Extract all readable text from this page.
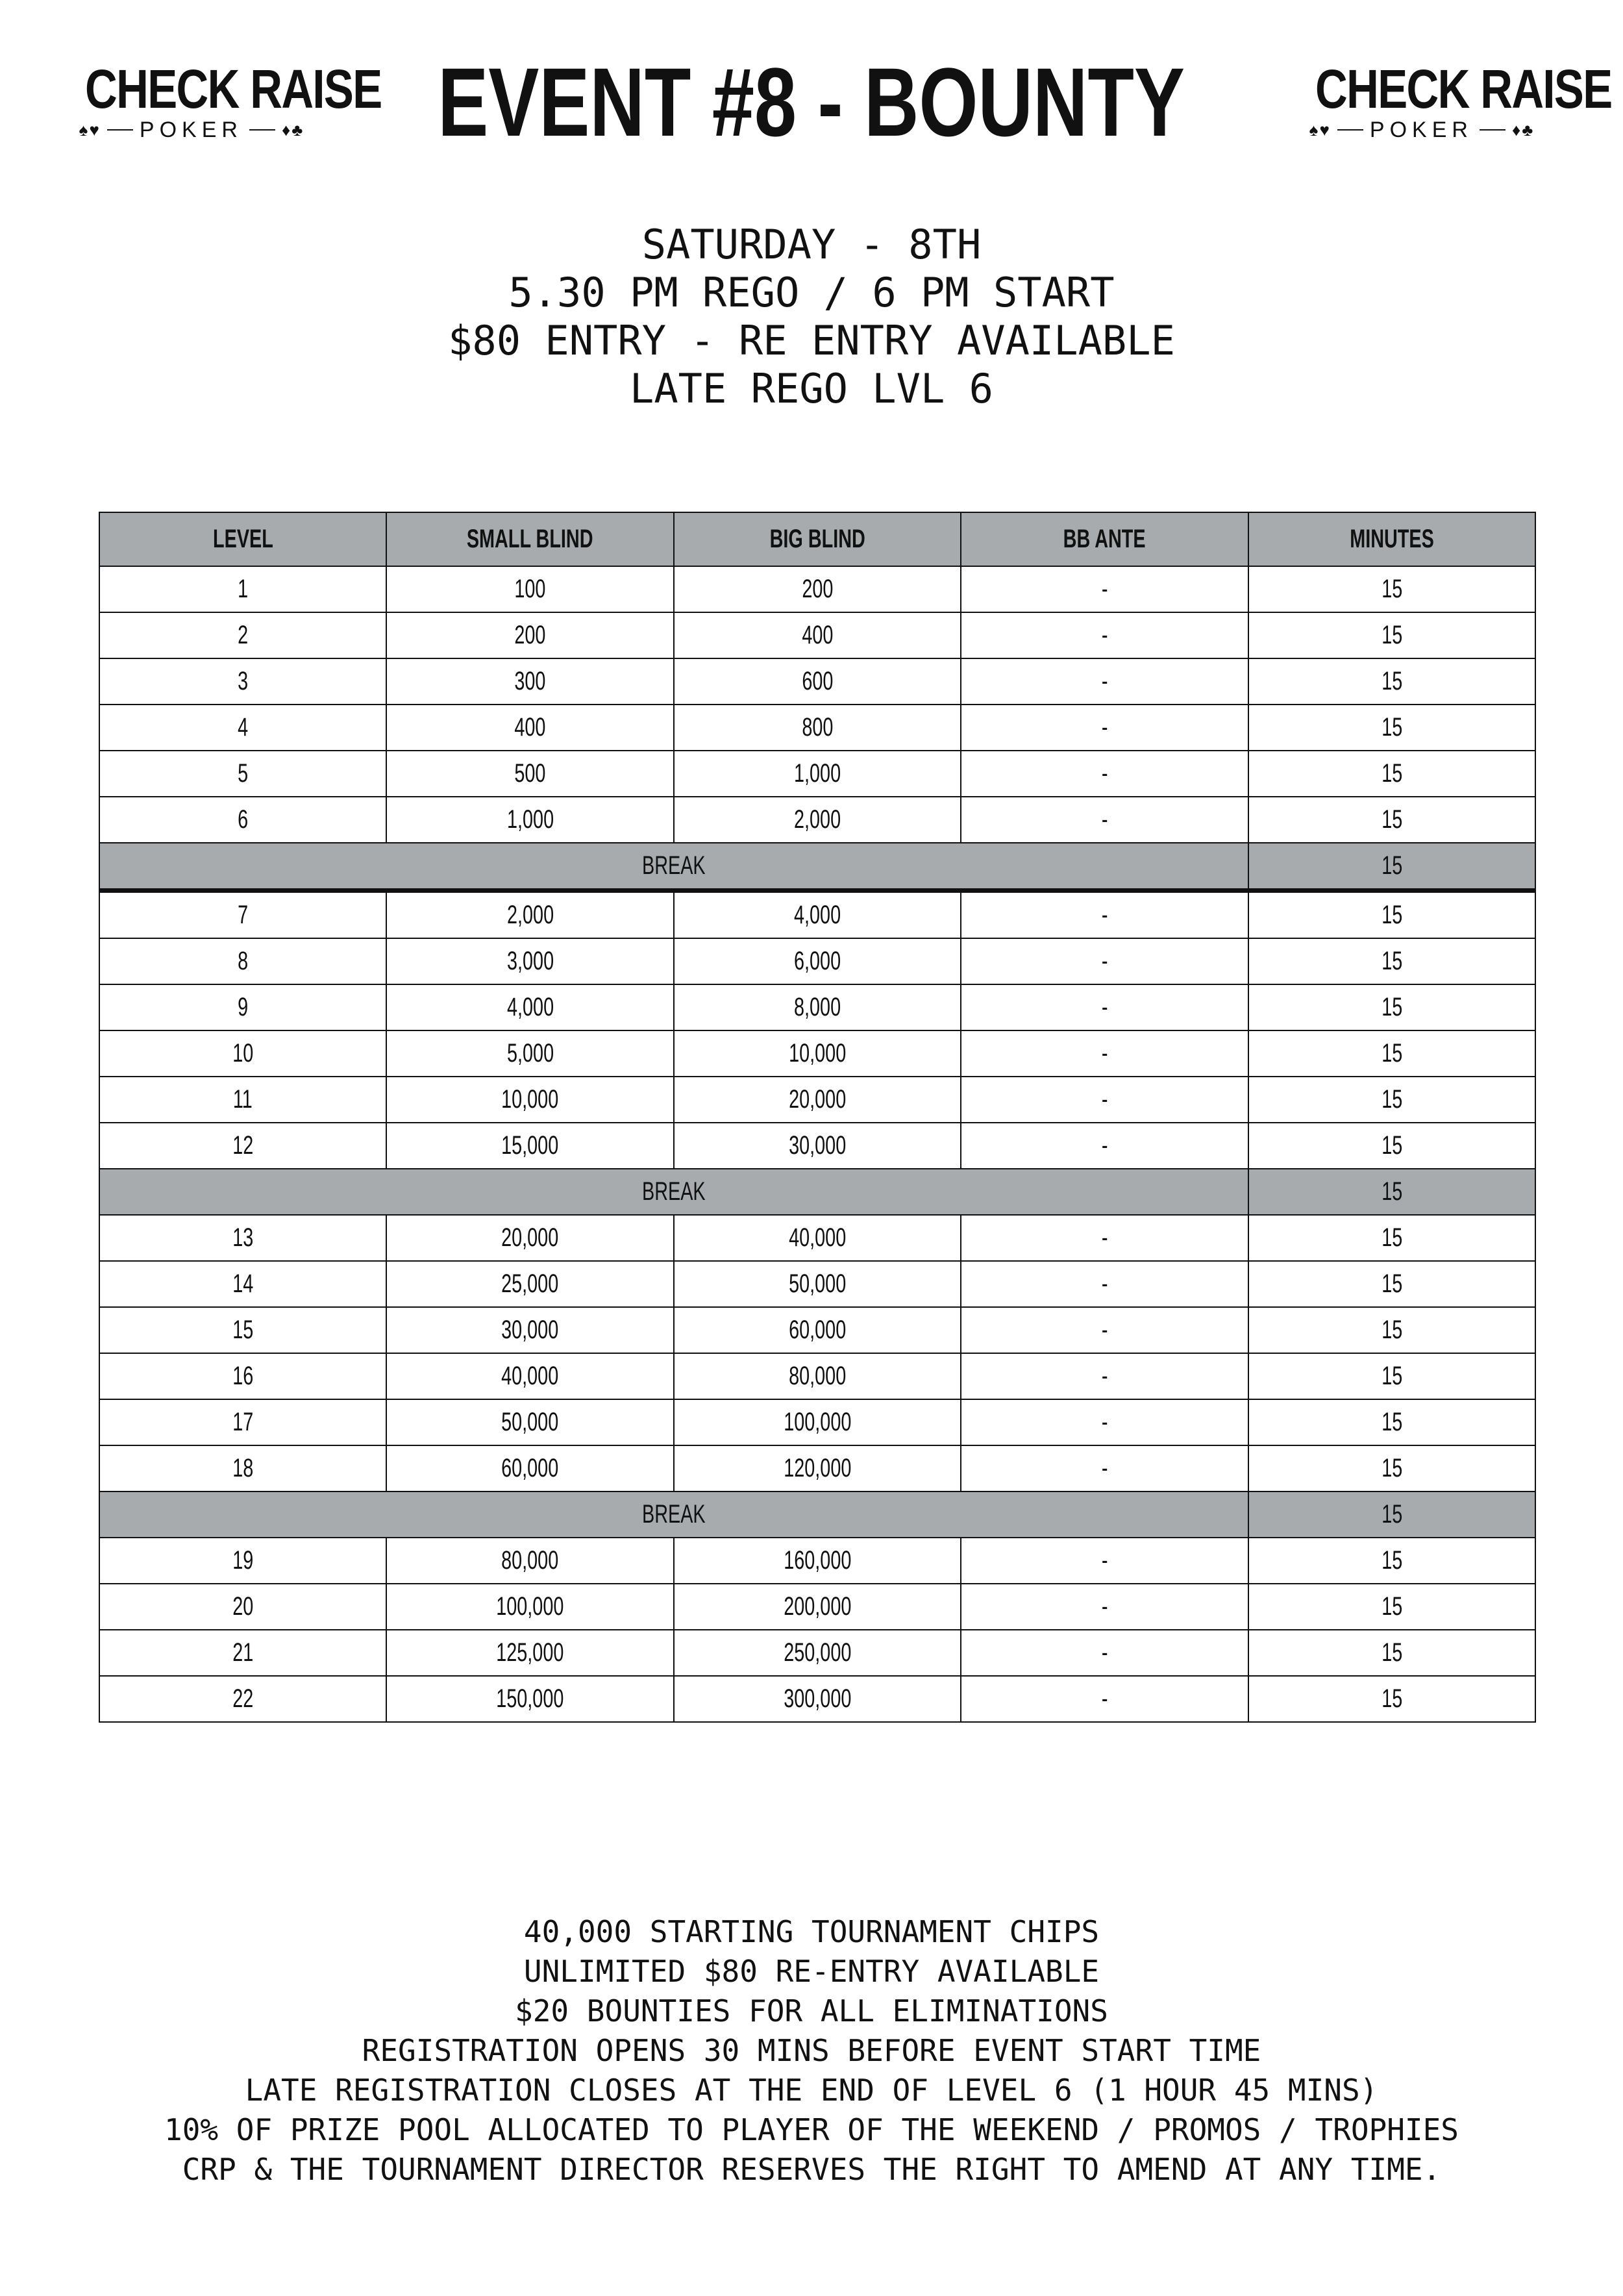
CHECK RAISE
♠♥ POKER ♦♣	EVENT #8 - BOUNTY	CHECK RAISE
♠♥ POKER ♦♣
SATURDAY - 8TH
5.30 PM REGO / 6 PM START
$80 ENTRY - RE ENTRY AVAILABLE
LATE REGO LVL 6
LEVEL	SMALL BLIND	BIG BLIND	BB ANTE	MINUTES
1	100	200	-	15
2	200	400	-	15
3	300	600	-	15
4	400	800	-	15
5	500	1,000	-	15
6	1,000	2,000	-	15
BREAK				15
7	2,000	4,000	-	15
8	3,000	6,000	-	15
9	4,000	8,000	-	15
10	5,000	10,000	-	15
11	10,000	20,000	-	15
12	15,000	30,000	-	15
BREAK				15
13	20,000	40,000	-	15
14	25,000	50,000	-	15
15	30,000	60,000	-	15
16	40,000	80,000	-	15
17	50,000	100,000	-	15
18	60,000	120,000	-	15
BREAK				15
19	80,000	160,000	-	15
20	100,000	200,000	-	15
21	125,000	250,000	-	15
22	150,000	300,000	-	15
40,000 STARTING TOURNAMENT CHIPS
UNLIMITED $80 RE-ENTRY AVAILABLE
$20 BOUNTIES FOR ALL ELIMINATIONS
REGISTRATION OPENS 30 MINS BEFORE EVENT START TIME
LATE REGISTRATION CLOSES AT THE END OF LEVEL 6 (1 HOUR 45 MINS)
10% OF PRIZE POOL ALLOCATED TO PLAYER OF THE WEEKEND / PROMOS / TROPHIES
CRP & THE TOURNAMENT DIRECTOR RESERVES THE RIGHT TO AMEND AT ANY TIME.
